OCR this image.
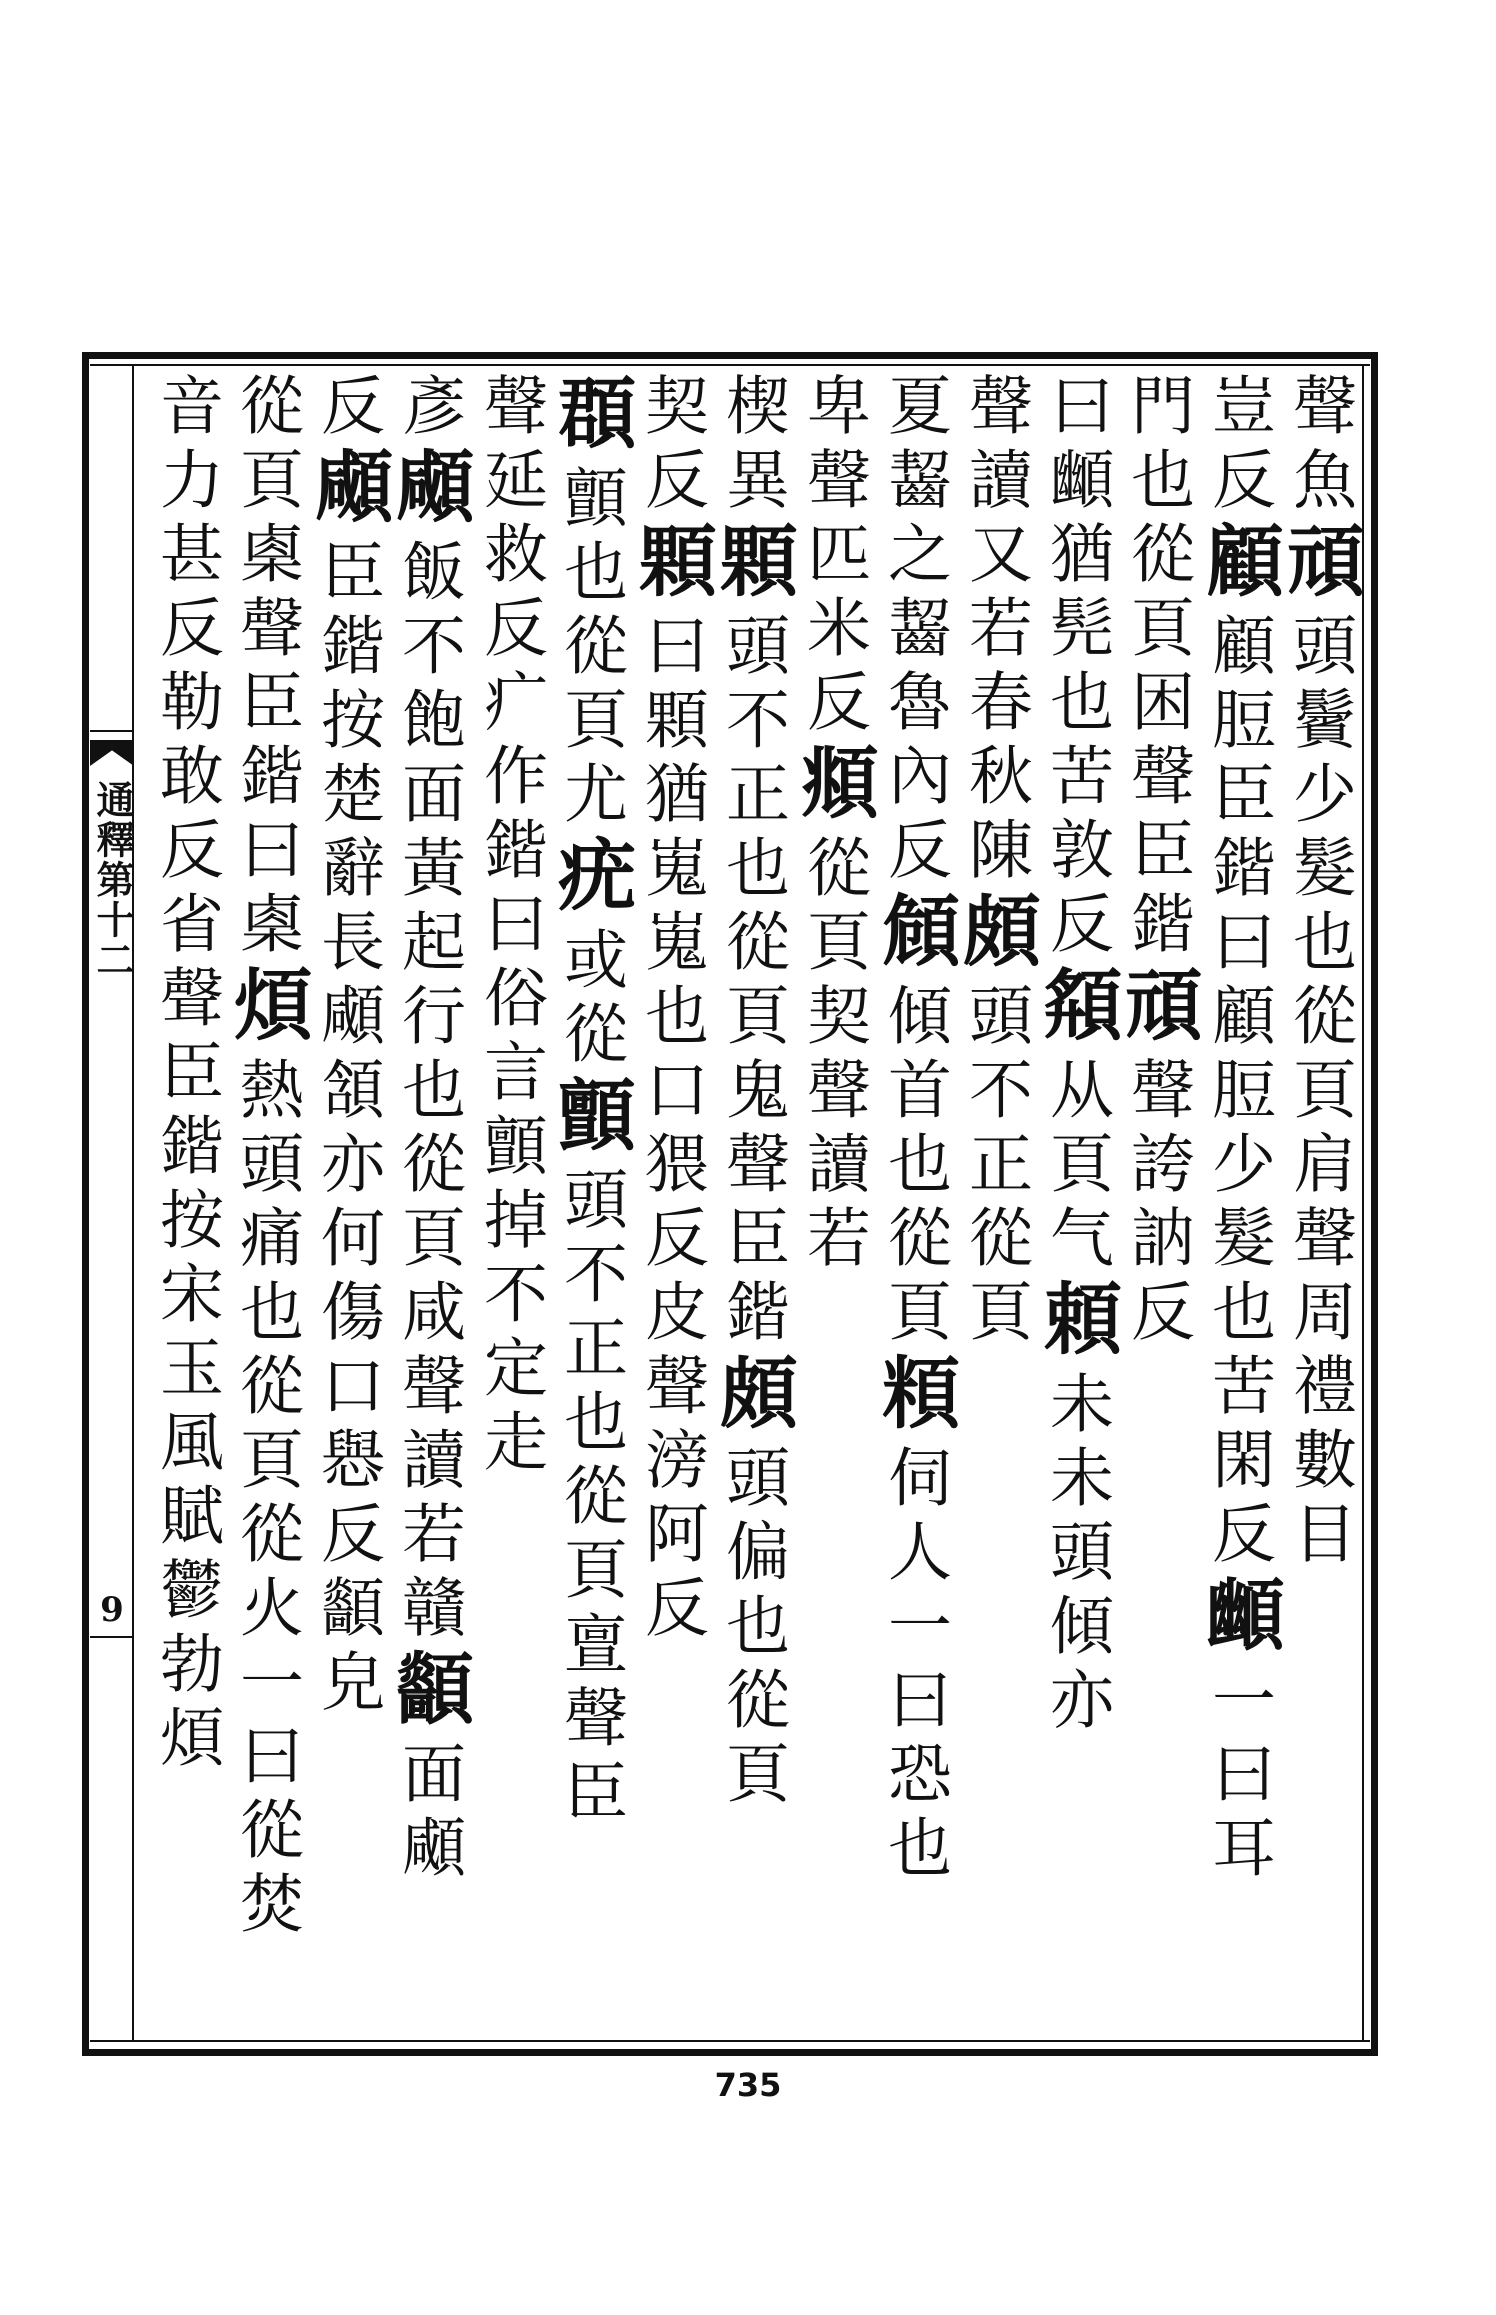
通釋第十二
9
聲魚頑頭鬢少髮也從頁肩聲周禮數目
豈反顧顧脰臣鍇曰顧脰少髮也苦閑反䫜一曰耳
門也從頁困聲臣鍇頑聲誇訥反
曰䫜猶髡也苦敦反頯从頁气頼未未頭傾亦
聲讀又若春秋陳頗頭不正從頁
夏齧之齧魯內反頠傾首也從頁頪伺人一曰恐也
卑聲匹米反頫從頁契聲讀若
楔異顆頭不正也從頁鬼聲臣鍇頗頭偏也從頁
契反顆曰顆猶嵬嵬也口猥反皮聲滂阿反
頵顫也從頁尤疣或從顫頭不正也從頁亶聲臣
聲延救反疒作鍇曰俗言顫掉不定走
彥顑飯不飽面黃起行也從頁咸聲讀若贛顲面顑
反顑臣鍇按楚辭長顑頷亦何傷口㦛反顲皃
從頁㮚聲臣鍇曰㮚煩熱頭痛也從頁從火一曰從焚
音力甚反勒敢反省聲臣鍇按宋玉風賦鬱勃煩
735
